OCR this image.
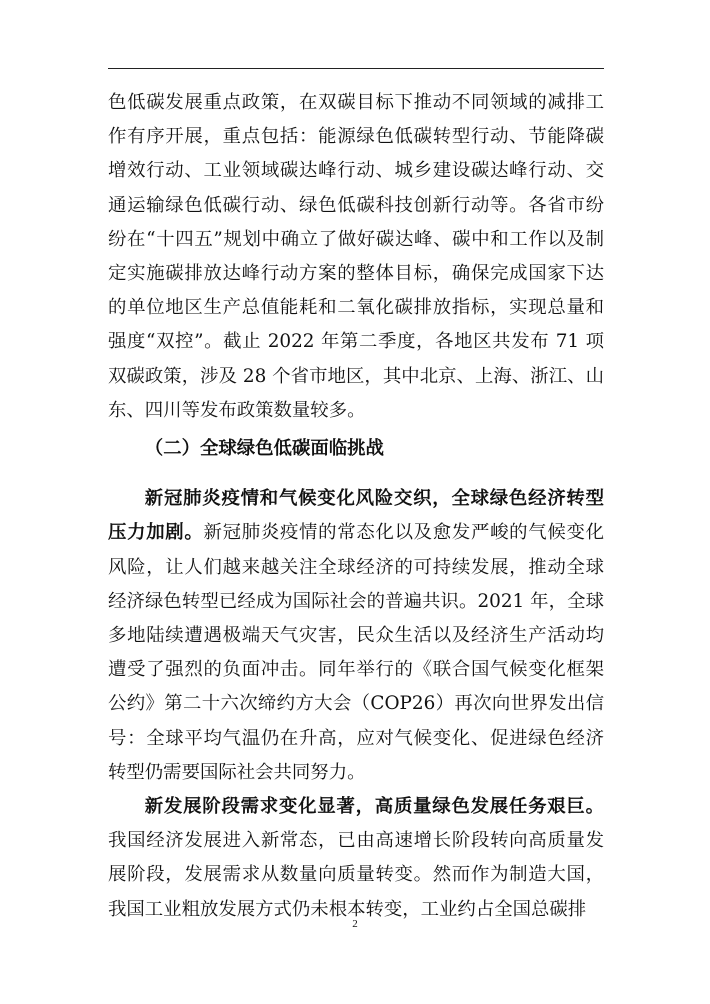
色低碳发展重点政策，在双碳目标下推动不同领域的减排工作有序开展，重点包括：能源绿色低碳转型行动、节能降碳增效行动、工业领域碳达峰行动、城乡建设碳达峰行动、交通运输绿色低碳行动、绿色低碳科技创新行动等。各省市纷纷在“十四五”规划中确立了做好碳达峰、碳中和工作以及制定实施碳排放达峰行动方案的整体目标，确保完成国家下达的单位地区生产总值能耗和二氧化碳排放指标，实现总量和强度“双控”。截止 2022 年第二季度，各地区共发布 71 项双碳政策，涉及 28 个省市地区，其中北京、上海、浙江、山东、四川等发布政策数量较多。

（二）全球绿色低碳面临挑战

新冠肺炎疫情和气候变化风险交织，全球绿色经济转型压力加剧。新冠肺炎疫情的常态化以及愈发严峻的气候变化风险，让人们越来越关注全球经济的可持续发展，推动全球经济绿色转型已经成为国际社会的普遍共识。2021 年，全球多地陆续遭遇极端天气灾害，民众生活以及经济生产活动均遭受了强烈的负面冲击。同年举行的《联合国气候变化框架公约》第二十六次缔约方大会（COP26）再次向世界发出信号：全球平均气温仍在升高，应对气候变化、促进绿色经济转型仍需要国际社会共同努力。

新发展阶段需求变化显著，高质量绿色发展任务艰巨。我国经济发展进入新常态，已由高速增长阶段转向高质量发展阶段，发展需求从数量向质量转变。然而作为制造大国，我国工业粗放发展方式仍未根本转变，工业约占全国总碳排

2
